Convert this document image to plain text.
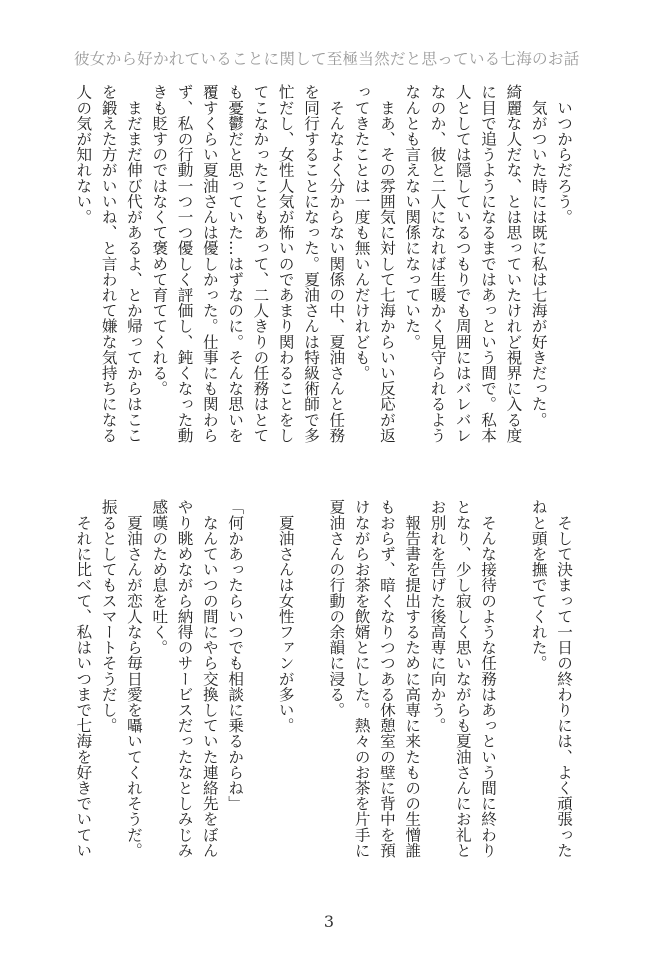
彼女から好かれていることに関して至極当然だと思っている七海のお話
　いつからだろう。
　気がついた時には既に私は七海が好きだった。
綺麗な人だな、とは思っていたけれど視界に入る度
に目で追うようになるまではあっという間で。私本
人としては隠しているつもりでも周囲にはバレバレ
なのか、彼と二人になれば生暖かく見守られるよう
なんとも言えない関係になっていた。
　まあ、その雰囲気に対して七海からいい反応が返
ってきたことは一度も無いんだけれども。
　そんなよく分からない関係の中、夏油さんと任務
を同行することになった。夏油さんは特級術師で多
忙だし、女性人気が怖いのであまり関わることをし
てこなかったこともあって、二人きりの任務はとて
も憂鬱だと思っていた…はずなのに。そんな思いを
覆すくらい夏油さんは優しかった。仕事にも関わら
ず、私の行動一つ一つ優しく評価し、鈍くなった動
きも貶すのではなくて褒めて育ててくれる。
　まだまだ伸び代があるよ、とか帰ってからはここ
を鍛えた方がいいね、と言われて嫌な気持ちになる
人の気が知れない。
　そして決まって一日の終わりには、よく頑張った
ねと頭を撫でてくれた。
　そんな接待のような任務はあっという間に終わり
となり、少し寂しく思いながらも夏油さんにお礼と
お別れを告げた後高専に向かう。
　報告書を提出するために高専に来たものの生憎誰
もおらず、暗くなりつつある休憩室の壁に背中を預
けながらお茶を飲婿とにした。熱々のお茶を片手に
夏油さんの行動の余韻に浸る。
　夏油さんは女性ファンが多い。
「何かあったらいつでも相談に乗るからね」
　なんていつの間にやら交換していた連絡先をぼん
やり眺めながら納得のサービスだったなとしみじみ
感嘆のため息を吐く。
　夏油さんが恋人なら毎日愛を囁いてくれそうだ。
振るとしてもスマートそうだし。
　それに比べて、私はいつまで七海を好きでいてい
3
